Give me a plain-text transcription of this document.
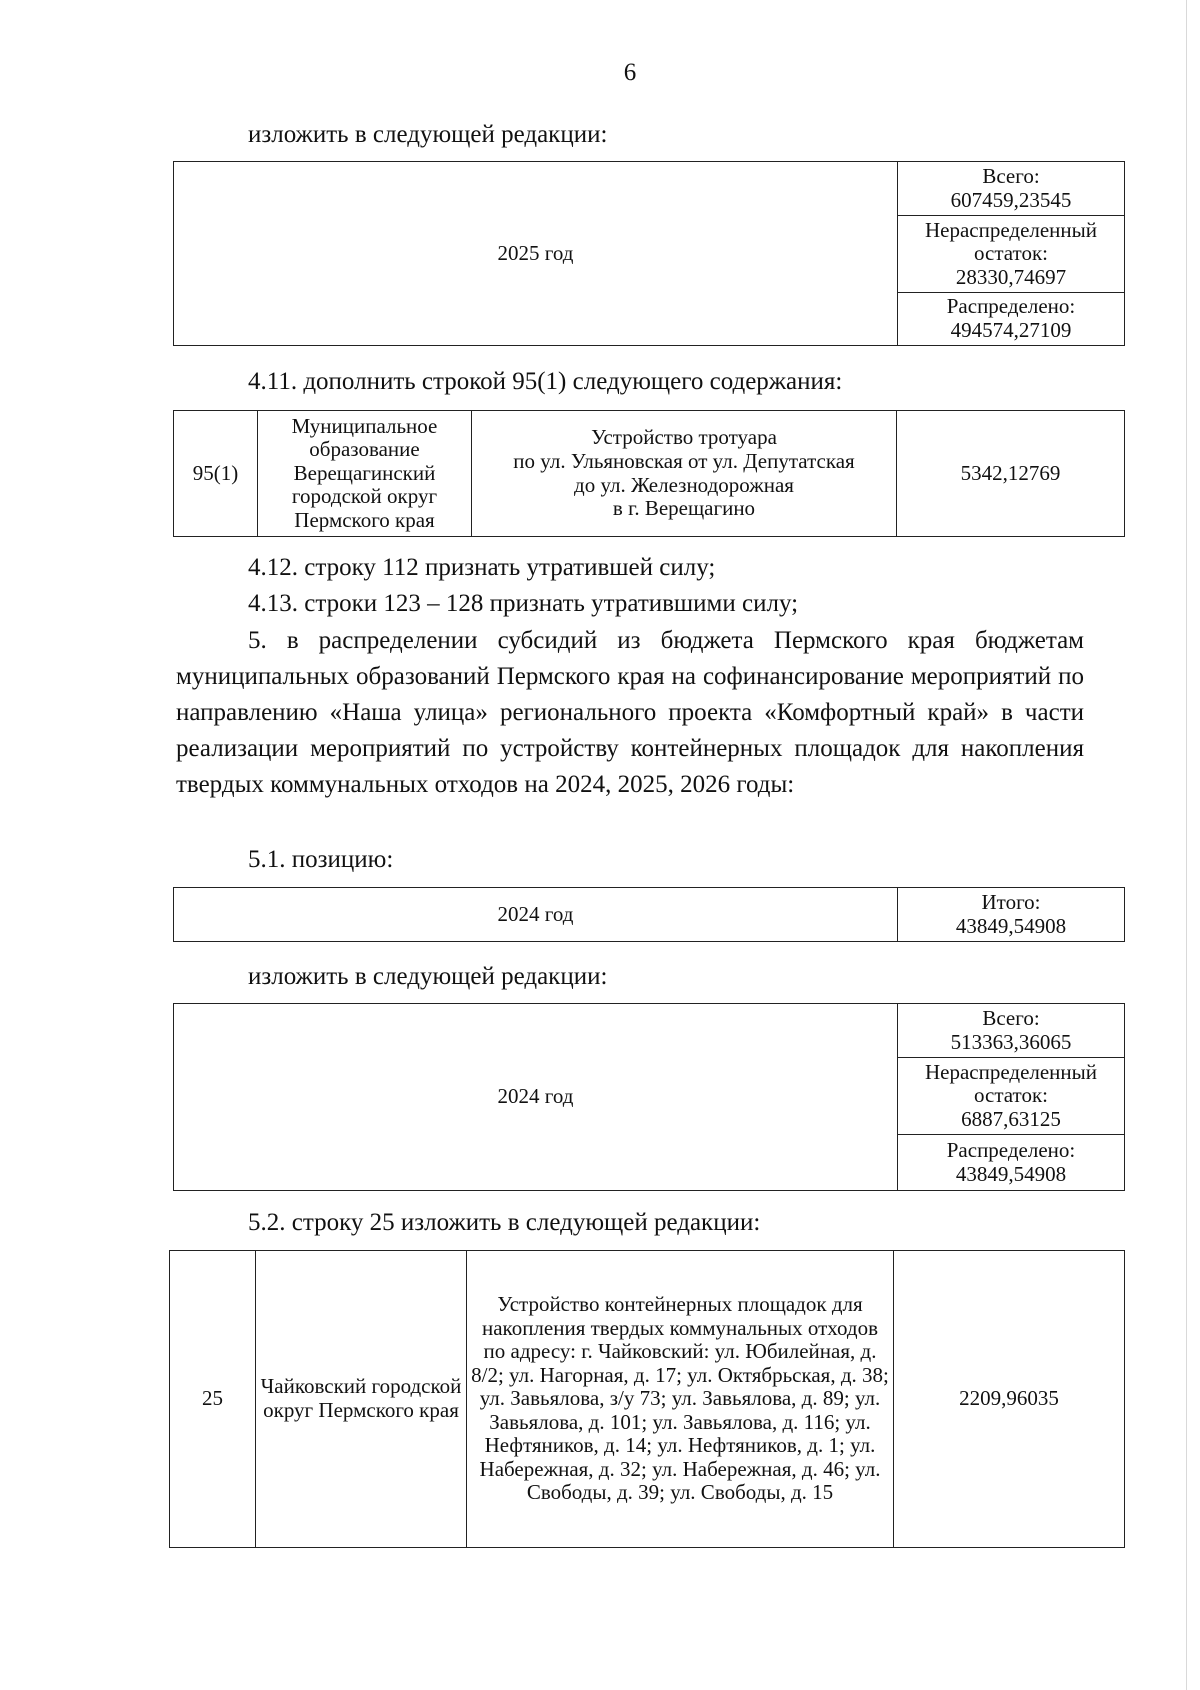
6
изложить в следующей редакции:
2025 год	Всего:
607459,23545
Нераспределенный остаток:
28330,74697
Распределено:
494574,27109
4.11. дополнить строкой 95(1) следующего содержания:
95(1)	Муниципальное образование Верещагинский городской округ Пермского края	Устройство тротуара
по ул. Ульяновская от ул. Депутатская
до ул. Железнодорожная
в г. Верещагино	5342,12769
4.12. строку 112 признать утратившей силу;
4.13. строки 123 – 128 признать утратившими силу;
5. в распределении субсидий из бюджета Пермского края бюджетам муниципальных образований Пермского края на софинансирование мероприятий по направлению «Наша улица» регионального проекта «Комфортный край» в части реализации мероприятий по устройству контейнерных площадок для накопления твердых коммунальных отходов на 2024, 2025, 2026 годы:
5.1. позицию:
2024 год	Итого:
43849,54908
изложить в следующей редакции:
2024 год	Всего:
513363,36065
Нераспределенный остаток:
6887,63125
Распределено:
43849,54908
5.2. строку 25 изложить в следующей редакции:
25	Чайковский городской округ Пермского края	Устройство контейнерных площадок для накопления твердых коммунальных отходов по адресу: г. Чайковский: ул. Юбилейная, д. 8/2; ул. Нагорная, д. 17; ул. Октябрьская, д. 38; ул. Завьялова, з/у 73; ул. Завьялова, д. 89; ул. Завьялова, д. 101; ул. Завьялова, д. 116; ул. Нефтяников, д. 14; ул. Нефтяников, д. 1; ул. Набережная, д. 32; ул. Набережная, д. 46; ул. Свободы, д. 39; ул. Свободы, д. 15	2209,96035
